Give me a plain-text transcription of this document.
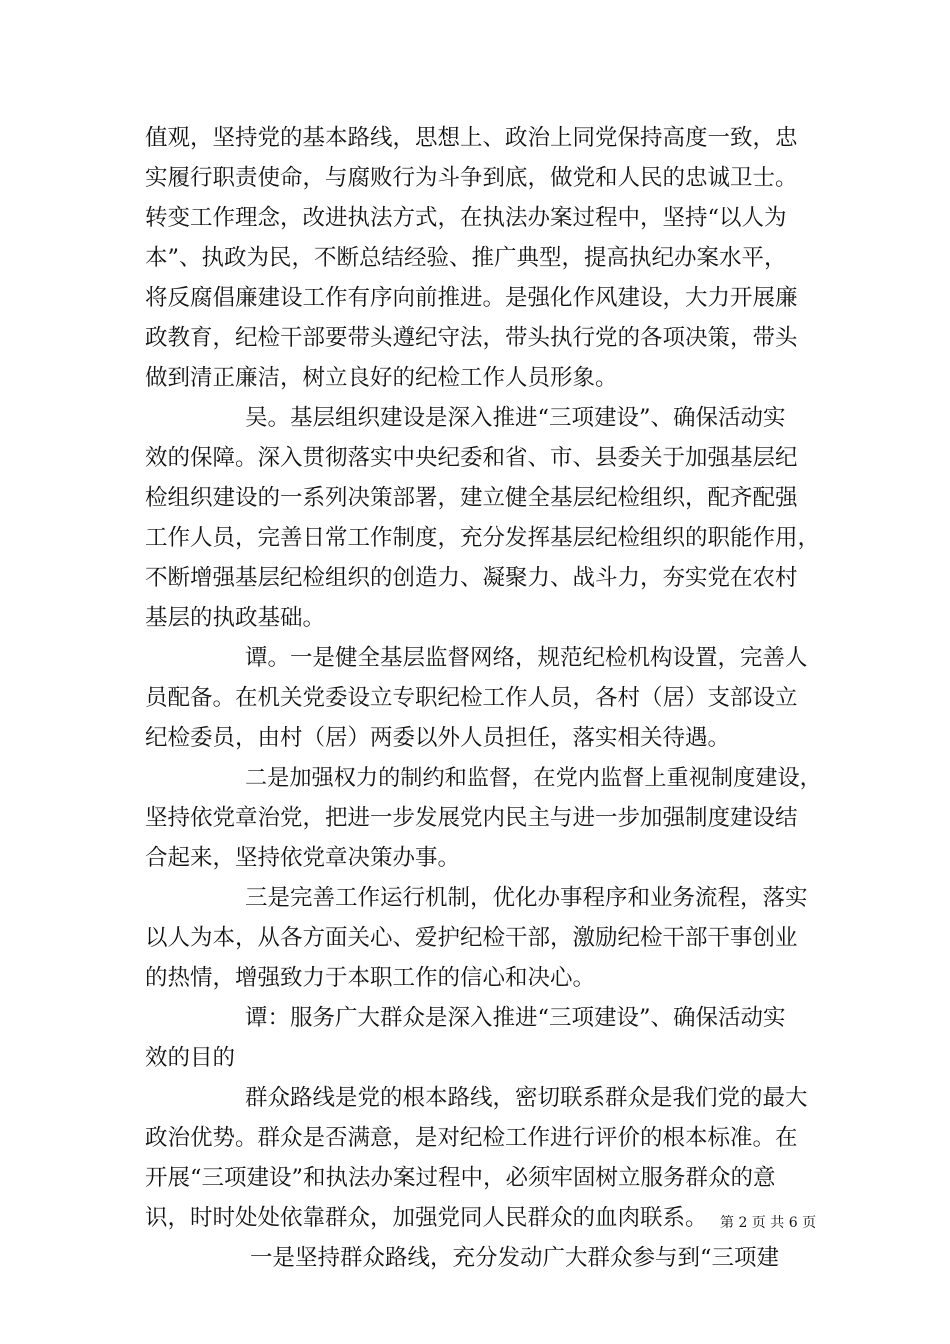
值观，坚持党的基本路线，思想上、政治上同党保持高度一致，忠
实履行职责使命，与腐败行为斗争到底，做党和人民的忠诚卫士。
转变工作理念，改进执法方式，在执法办案过程中，坚持“以人为
本”、执政为民，不断总结经验、推广典型，提高执纪办案水平，
将反腐倡廉建设工作有序向前推进。是强化作风建设，大力开展廉
政教育，纪检干部要带头遵纪守法，带头执行党的各项决策，带头
做到清正廉洁，树立良好的纪检工作人员形象。
吴。基层组织建设是深入推进“三项建设”、确保活动实
效的保障。深入贯彻落实中央纪委和省、市、县委关于加强基层纪
检组织建设的一系列决策部署，建立健全基层纪检组织，配齐配强
工作人员，完善日常工作制度，充分发挥基层纪检组织的职能作用，
不断增强基层纪检组织的创造力、凝聚力、战斗力，夯实党在农村
基层的执政基础。
谭。一是健全基层监督网络，规范纪检机构设置，完善人
员配备。在机关党委设立专职纪检工作人员，各村（居）支部设立
纪检委员，由村（居）两委以外人员担任，落实相关待遇。
二是加强权力的制约和监督，在党内监督上重视制度建设，
坚持依党章治党，把进一步发展党内民主与进一步加强制度建设结
合起来，坚持依党章决策办事。
三是完善工作运行机制，优化办事程序和业务流程，落实
以人为本，从各方面关心、爱护纪检干部，激励纪检干部干事创业
的热情，增强致力于本职工作的信心和决心。
谭：服务广大群众是深入推进“三项建设”、确保活动实
效的目的
群众路线是党的根本路线，密切联系群众是我们党的最大
政治优势。群众是否满意，是对纪检工作进行评价的根本标准。在
开展“三项建设”和执法办案过程中，必须牢固树立服务群众的意
识，时时处处依靠群众，加强党同人民群众的血肉联系。
一是坚持群众路线，充分发动广大群众参与到“三项建
第 2 页 共 6 页
